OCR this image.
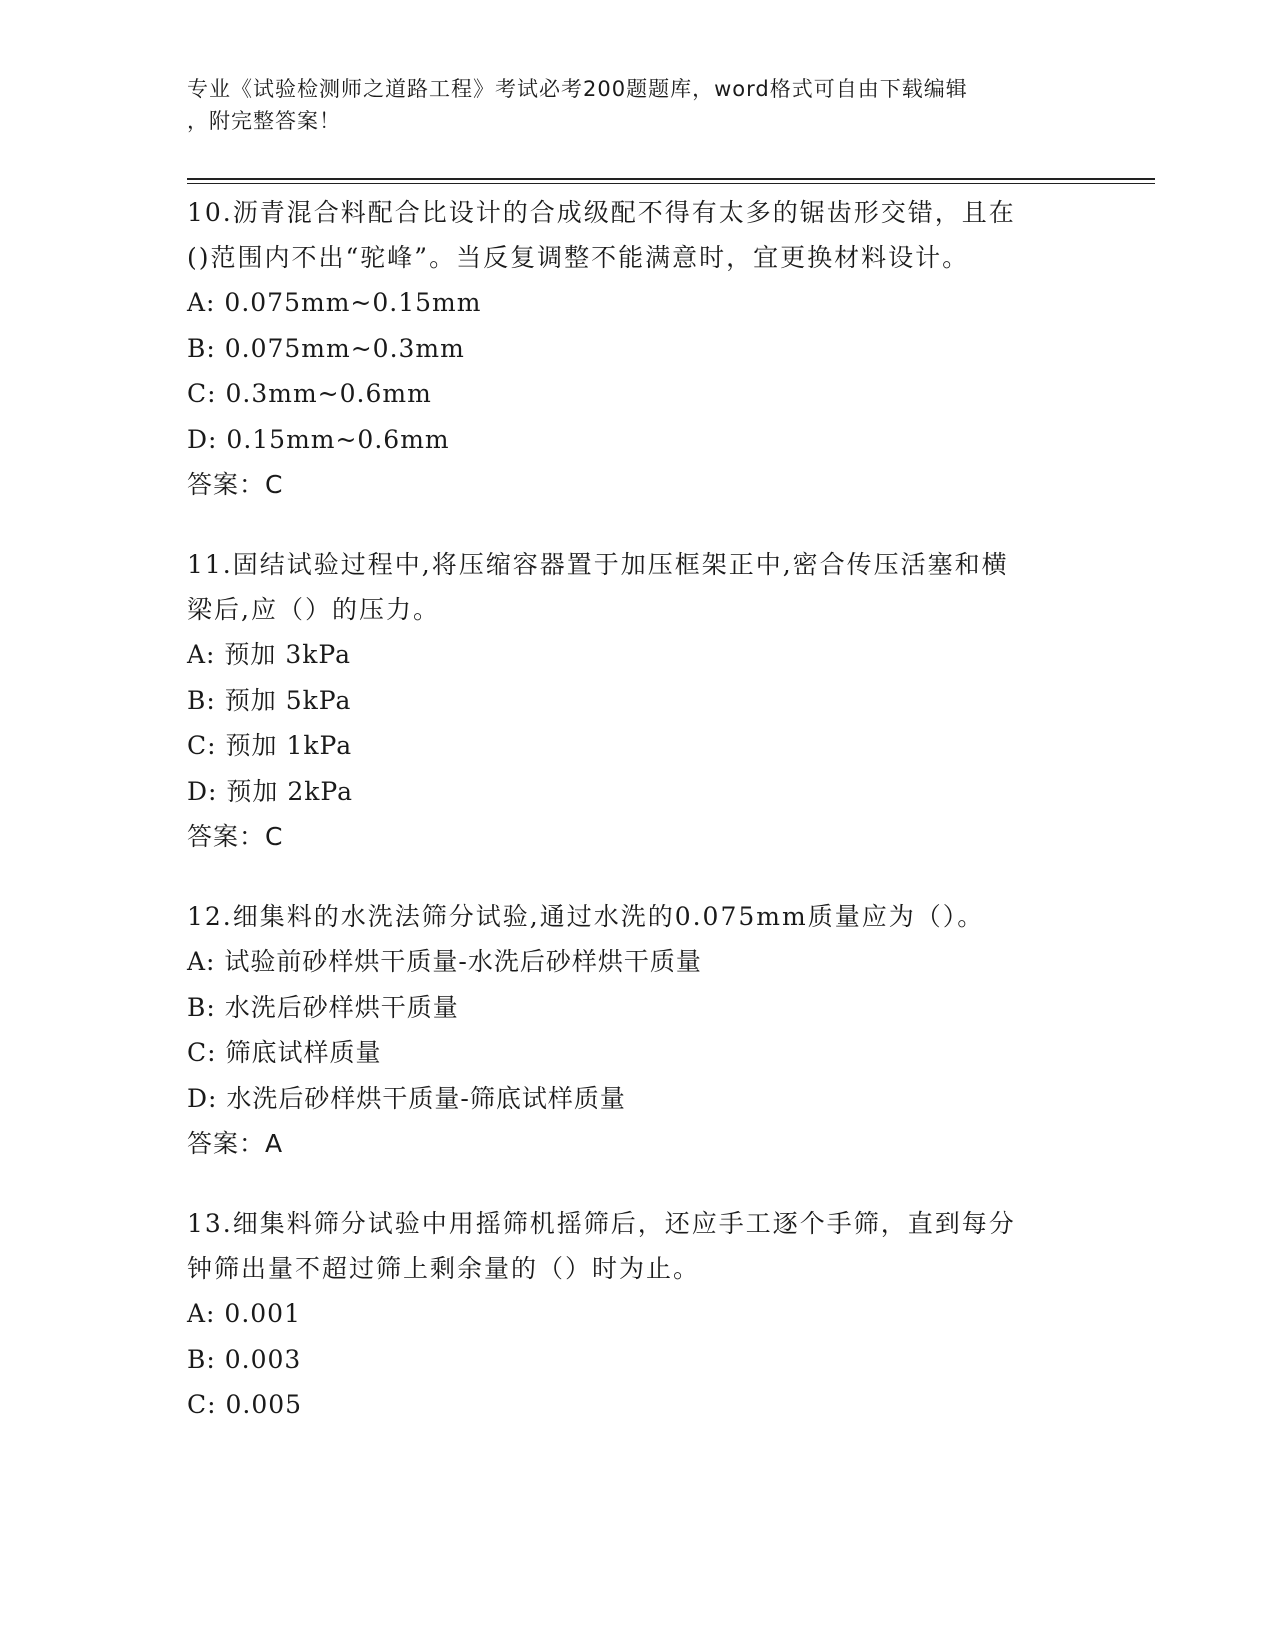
专业《试验检测师之道路工程》考试必考200题题库，word格式可自由下载编辑
，附完整答案！
10.沥青混合料配合比设计的合成级配不得有太多的锯齿形交错，且在
()范围内不出“驼峰”。当反复调整不能满意时，宜更换材料设计。
A: 0.075mm~0.15mm
B: 0.075mm~0.3mm
C: 0.3mm~0.6mm
D: 0.15mm~0.6mm
答案：C
11.固结试验过程中,将压缩容器置于加压框架正中,密合传压活塞和横
梁后,应（）的压力。
A: 预加 3kPa
B: 预加 5kPa
C: 预加 1kPa
D: 预加 2kPa
答案：C
12.细集料的水洗法筛分试验,通过水洗的0.075mm质量应为（）。
A: 试验前砂样烘干质量-水洗后砂样烘干质量
B: 水洗后砂样烘干质量
C: 筛底试样质量
D: 水洗后砂样烘干质量-筛底试样质量
答案：A
13.细集料筛分试验中用摇筛机摇筛后，还应手工逐个手筛，直到每分
钟筛出量不超过筛上剩余量的（）时为止。
A: 0.001
B: 0.003
C: 0.005
